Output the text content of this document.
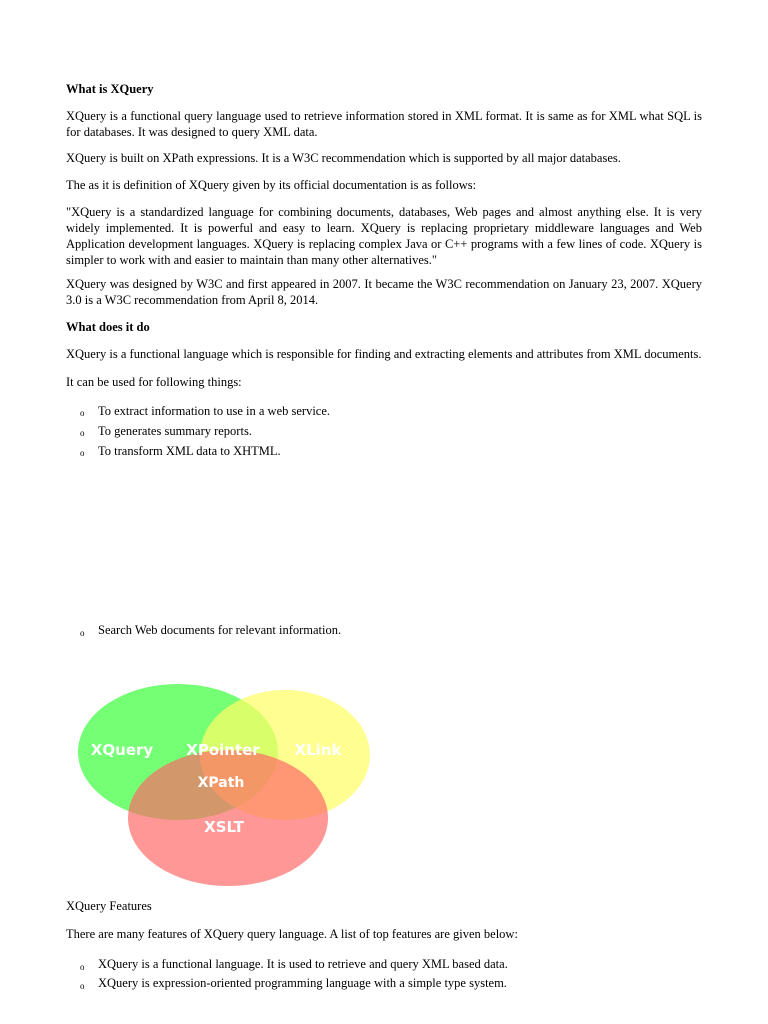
What is XQuery

XQuery is a functional query language used to retrieve information stored in XML format. It is same as for XML what SQL is for databases. It was designed to query XML data.

XQuery is built on XPath expressions. It is a W3C recommendation which is supported by all major databases.

The as it is definition of XQuery given by its official documentation is as follows:

"XQuery is a standardized language for combining documents, databases, Web pages and almost anything else. It is very widely implemented. It is powerful and easy to learn. XQuery is replacing proprietary middleware languages and Web Application development languages. XQuery is replacing complex Java or C++ programs with a few lines of code. XQuery is simpler to work with and easier to maintain than many other alternatives."

XQuery was designed by W3C and first appeared in 2007. It became the W3C recommendation on January 23, 2007. XQuery 3.0 is a W3C recommendation from April 8, 2014.

What does it do

XQuery is a functional language which is responsible for finding and extracting elements and attributes from XML documents.

It can be used for following things:

o To extract information to use in a web service.

o To generates summary reports.

o To transform XML data to XHTML.

o Search Web documents for relevant information.

XQuery XPointer XLink
XPath
XSLT

XQuery Features

There are many features of XQuery query language. A list of top features are given below:

o XQuery is a functional language. It is used to retrieve and query XML based data.

o XQuery is expression-oriented programming language with a simple type system.
